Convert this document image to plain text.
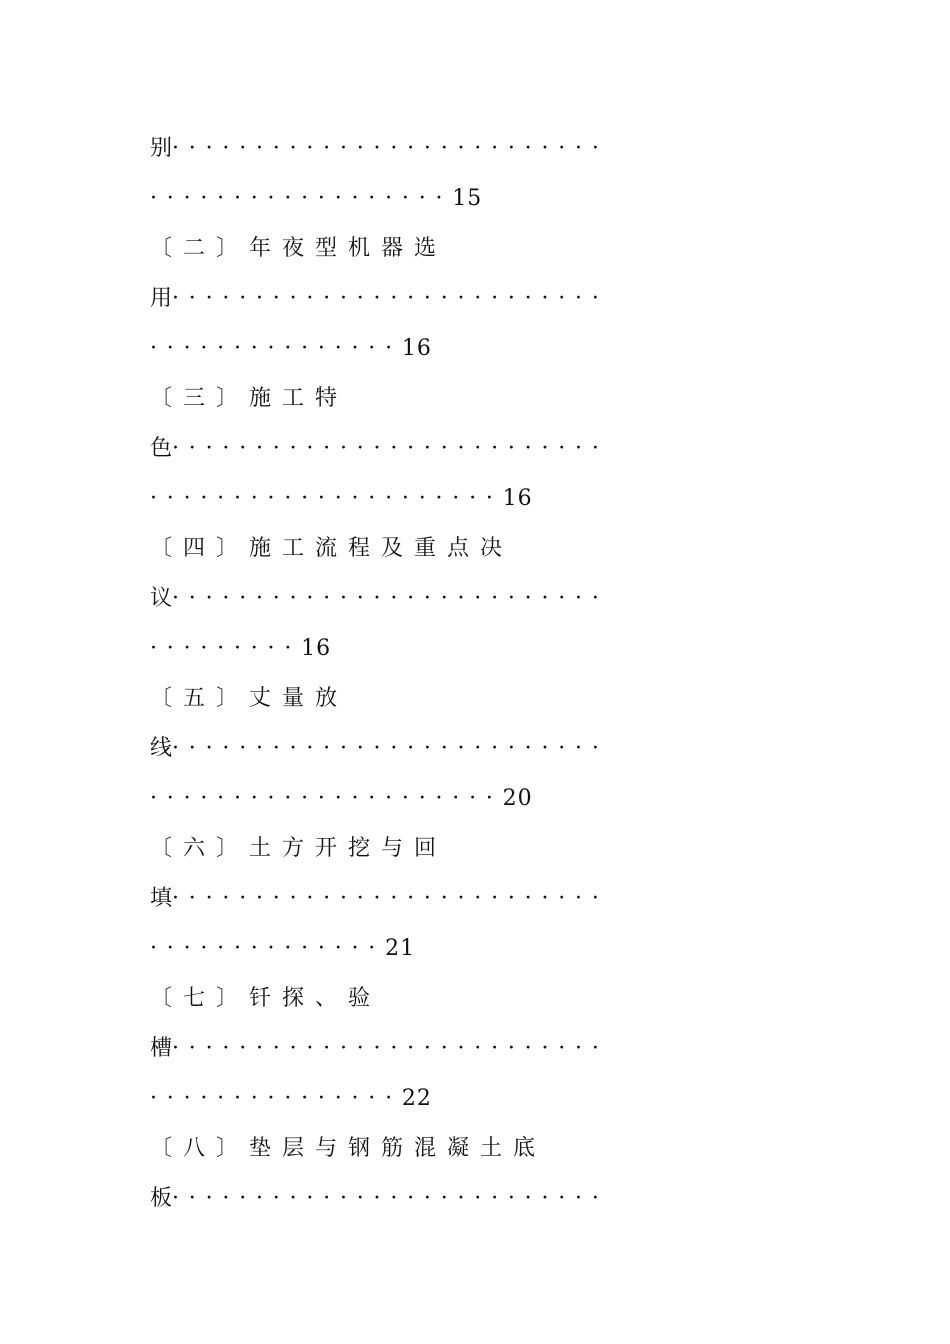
别··························
··················15
〔二〕年夜型机器选
用··························
···············16
〔三〕施工特
色··························
·····················16
〔四〕施工流程及重点决
议··························
·········16
〔五〕丈量放
线··························
·····················20
〔六〕土方开挖与回
填··························
··············21
〔七〕钎探、验
槽··························
···············22
〔八〕垫层与钢筋混凝土底
板··························
